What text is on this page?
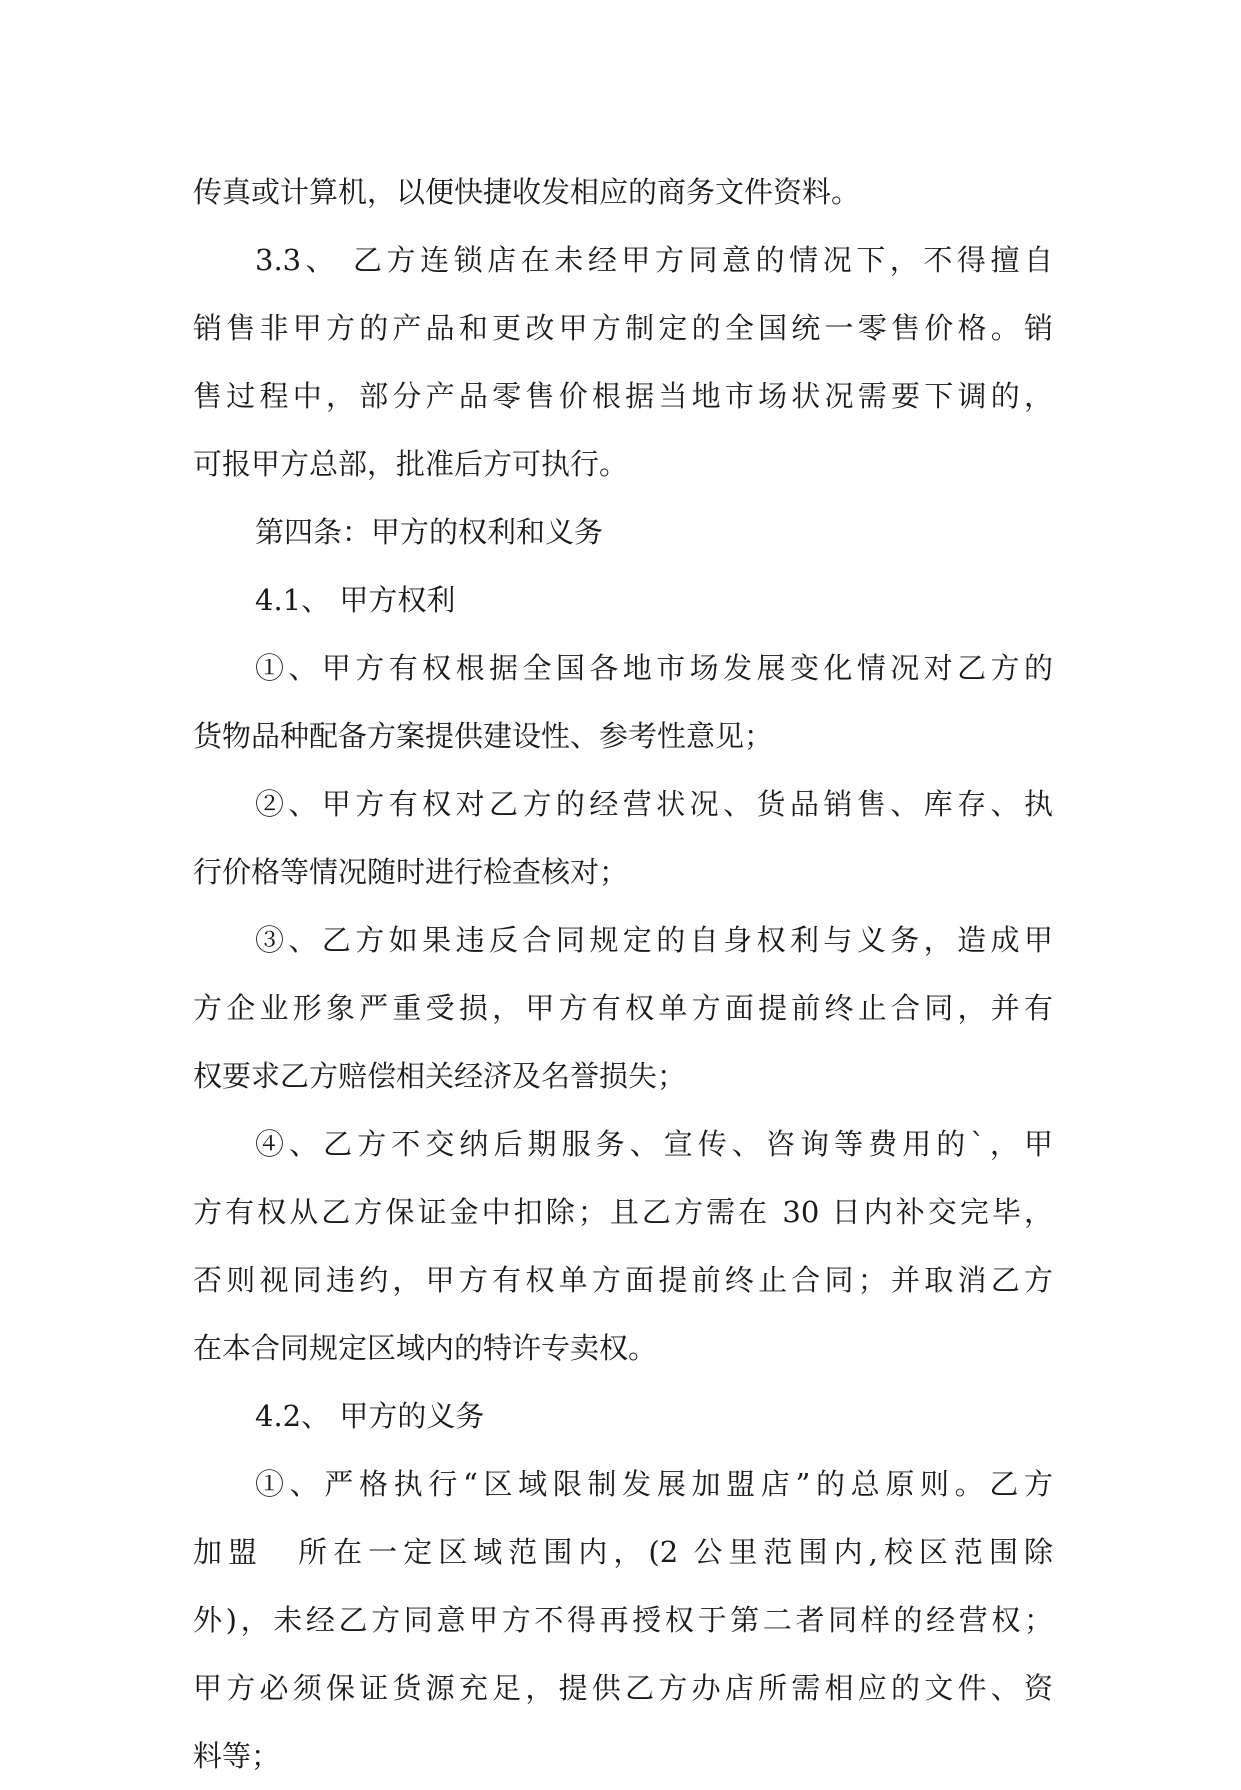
传真或计算机，以便快捷收发相应的商务文件资料。
3.3、 乙方连锁店在未经甲方同意的情况下，不得擅自
销售非甲方的产品和更改甲方制定的全国统一零售价格。销
售过程中，部分产品零售价根据当地市场状况需要下调的，
可报甲方总部，批准后方可执行。
第四条：甲方的权利和义务
4.1、 甲方权利
①、甲方有权根据全国各地市场发展变化情况对乙方的
货物品种配备方案提供建设性、参考性意见；
②、甲方有权对乙方的经营状况、货品销售、库存、执
行价格等情况随时进行检查核对；
③、乙方如果违反合同规定的自身权利与义务，造成甲
方企业形象严重受损，甲方有权单方面提前终止合同，并有
权要求乙方赔偿相关经济及名誉损失；
④、乙方不交纳后期服务、宣传、咨询等费用的`，甲
方有权从乙方保证金中扣除；且乙方需在 30 日内补交完毕，
否则视同违约，甲方有权单方面提前终止合同；并取消乙方
在本合同规定区域内的特许专卖权。
4.2、 甲方的义务
①、严格执行“区域限制发展加盟店”的总原则。乙方
加盟　所在一定区域范围内，(2 公里范围内,校区范围除
外)，未经乙方同意甲方不得再授权于第二者同样的经营权；
甲方必须保证货源充足，提供乙方办店所需相应的文件、资
料等；
